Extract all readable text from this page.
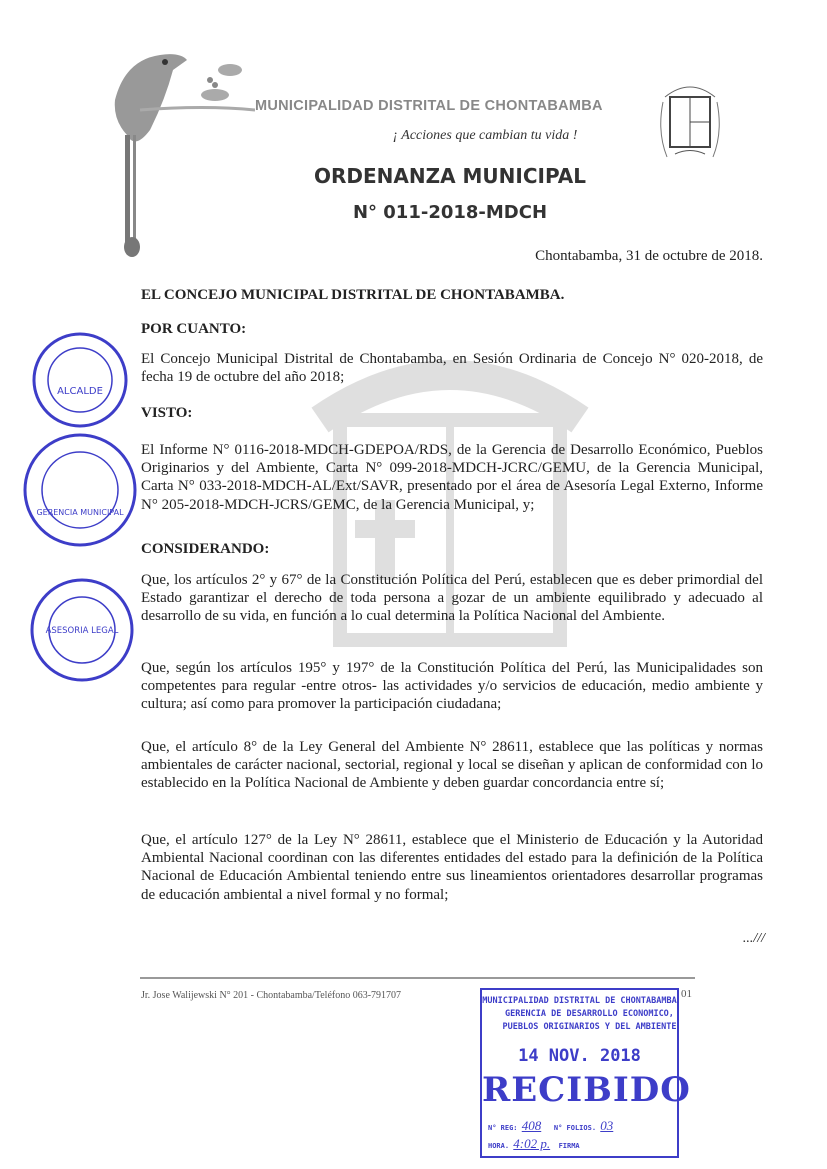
MUNICIPALIDAD DISTRITAL DE CHONTABAMBA
¡ Acciones que cambian tu vida !
ORDENANZA MUNICIPAL
N° 011-2018-MDCH
Chontabamba, 31 de octubre de 2018.
EL CONCEJO MUNICIPAL DISTRITAL DE CHONTABAMBA.
POR CUANTO:
El Concejo Municipal Distrital de Chontabamba, en Sesión Ordinaria de Concejo N° 020-2018, de fecha 19 de octubre del año 2018;
VISTO:
El Informe N° 0116-2018-MDCH-GDEPOA/RDS, de la Gerencia de Desarrollo Económico, Pueblos Originarios y del Ambiente, Carta N° 099-2018-MDCH-JCRC/GEMU, de la Gerencia Municipal, Carta N° 033-2018-MDCH-AL/Ext/SAVR, presentado por el área de Asesoría Legal Externo, Informe N° 205-2018-MDCH-JCRS/GEMC, de la Gerencia Municipal, y;
CONSIDERANDO:
Que, los artículos 2° y 67° de la Constitución Política del Perú, establecen que es deber primordial del Estado garantizar el derecho de toda persona a gozar de un ambiente equilibrado y adecuado al desarrollo de su vida, en función a lo cual determina la Política Nacional del Ambiente.
Que, según los artículos 195° y 197° de la Constitución Política del Perú, las Municipalidades son competentes para regular -entre otros- las actividades y/o servicios de educación, medio ambiente y cultura; así como para promover la participación ciudadana;
Que, el artículo 8° de la Ley General del Ambiente N° 28611, establece que las políticas y normas ambientales de carácter nacional, sectorial, regional y local se diseñan y aplican de conformidad con lo establecido en la Política Nacional de Ambiente y deben guardar concordancia entre sí;
Que, el artículo 127° de la Ley N° 28611, establece que el Ministerio de Educación y la Autoridad Ambiental Nacional coordinan con las diferentes entidades del estado para la definición de la Política Nacional de Educación Ambiental teniendo entre sus lineamientos orientadores desarrollar programas de educación ambiental a nivel formal y no formal;
...///
ALCALDE
GERENCIA MUNICIPAL
ASESORIA LEGAL
Jr. Jose Walijewski N° 201 - Chontabamba/Teléfono 063-791707	01
MUNICIPALIDAD DISTRITAL DE CHONTABAMBA
GERENCIA DE DESARROLLO ECONOMICO,
PUEBLOS ORIGINARIOS Y DEL AMBIENTE
14 NOV. 2018
RECIBIDO
N° REG: 408 N° FOLIOS. 03
HORA. 4:02 p. FIRMA
